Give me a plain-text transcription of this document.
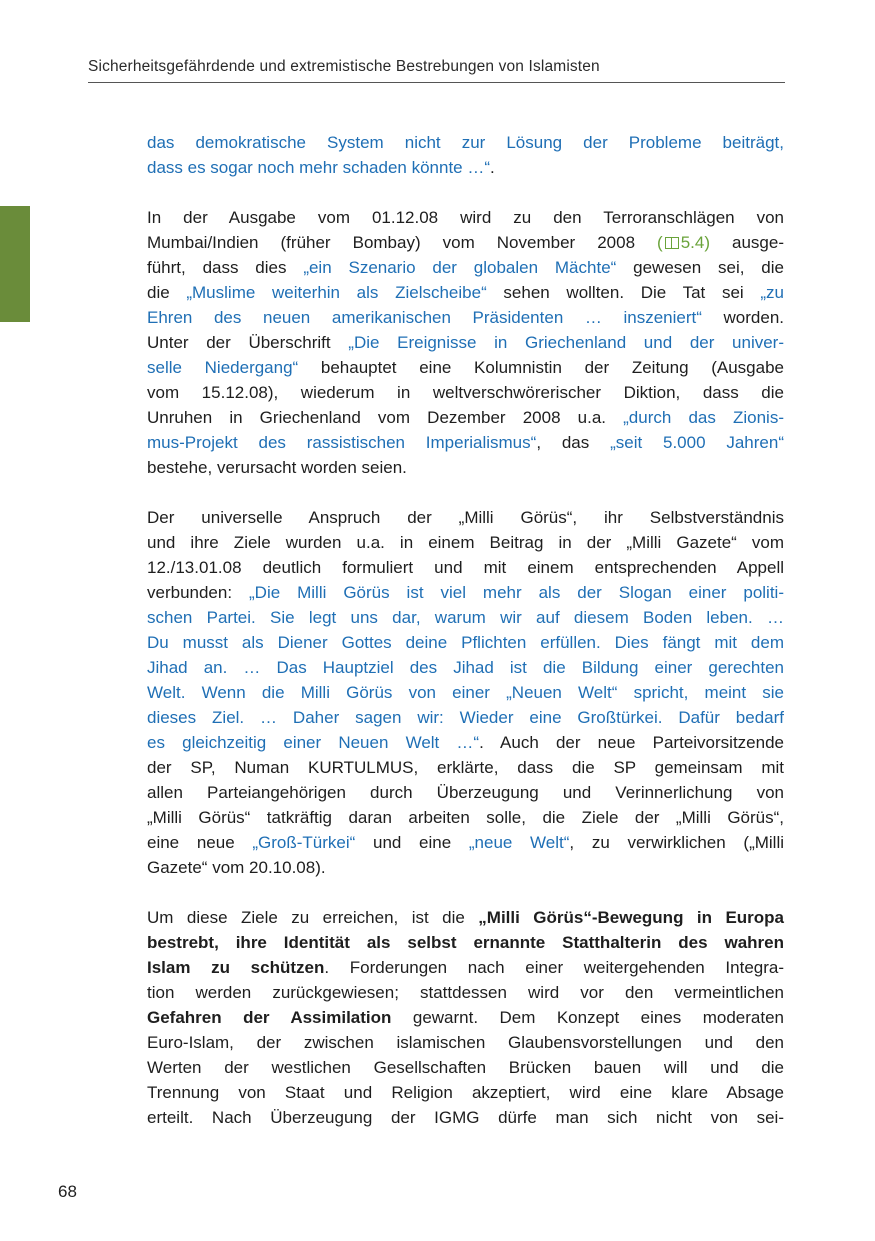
Sicherheitsgefährdende und extremistische Bestrebungen von Islamisten
das demokratische System nicht zur Lösung der Probleme beiträgt,
dass es sogar noch mehr schaden könnte …“.
In der Ausgabe vom 01.12.08 wird zu den Terroranschlägen von
Mumbai/Indien (früher Bombay) vom November 2008 ( 5.4) ausge-
führt, dass dies „ein Szenario der globalen Mächte“ gewesen sei, die
die „Muslime weiterhin als Zielscheibe“ sehen wollten. Die Tat sei „zu
Ehren des neuen amerikanischen Präsidenten … inszeniert“ worden.
Unter der Überschrift „Die Ereignisse in Griechenland und der univer-
selle Niedergang“ behauptet eine Kolumnistin der Zeitung (Ausgabe
vom 15.12.08), wiederum in weltverschwörerischer Diktion, dass die
Unruhen in Griechenland vom Dezember 2008 u.a. „durch das Zionis-
mus-Projekt des rassistischen Imperialismus“, das „seit 5.000 Jahren“
bestehe, verursacht worden seien.
Der universelle Anspruch der „Milli Görüs“, ihr Selbstverständnis
und ihre Ziele wurden u.a. in einem Beitrag in der „Milli Gazete“ vom
12./13.01.08 deutlich formuliert und mit einem entsprechenden Appell
verbunden: „Die Milli Görüs ist viel mehr als der Slogan einer politi-
schen Partei. Sie legt uns dar, warum wir auf diesem Boden leben. …
Du musst als Diener Gottes deine Pflichten erfüllen. Dies fängt mit dem
Jihad an. … Das Hauptziel des Jihad ist die Bildung einer gerechten
Welt. Wenn die Milli Görüs von einer „Neuen Welt“ spricht, meint sie
dieses Ziel. … Daher sagen wir: Wieder eine Großtürkei. Dafür bedarf
es gleichzeitig einer Neuen Welt …“. Auch der neue Parteivorsitzende
der SP, Numan KURTULMUS, erklärte, dass die SP gemeinsam mit
allen Parteiangehörigen durch Überzeugung und Verinnerlichung von
„Milli Görüs“ tatkräftig daran arbeiten solle, die Ziele der „Milli Görüs“,
eine neue „Groß-Türkei“ und eine „neue Welt“, zu verwirklichen („Milli
Gazete“ vom 20.10.08).
Um diese Ziele zu erreichen, ist die „Milli Görüs“-Bewegung in Europa
bestrebt, ihre Identität als selbst ernannte Statthalterin des wahren
Islam zu schützen. Forderungen nach einer weitergehenden Integra-
tion werden zurückgewiesen; stattdessen wird vor den vermeintlichen
Gefahren der Assimilation gewarnt. Dem Konzept eines moderaten
Euro-Islam, der zwischen islamischen Glaubensvorstellungen und den
Werten der westlichen Gesellschaften Brücken bauen will und die
Trennung von Staat und Religion akzeptiert, wird eine klare Absage
erteilt. Nach Überzeugung der IGMG dürfe man sich nicht von sei-
68
